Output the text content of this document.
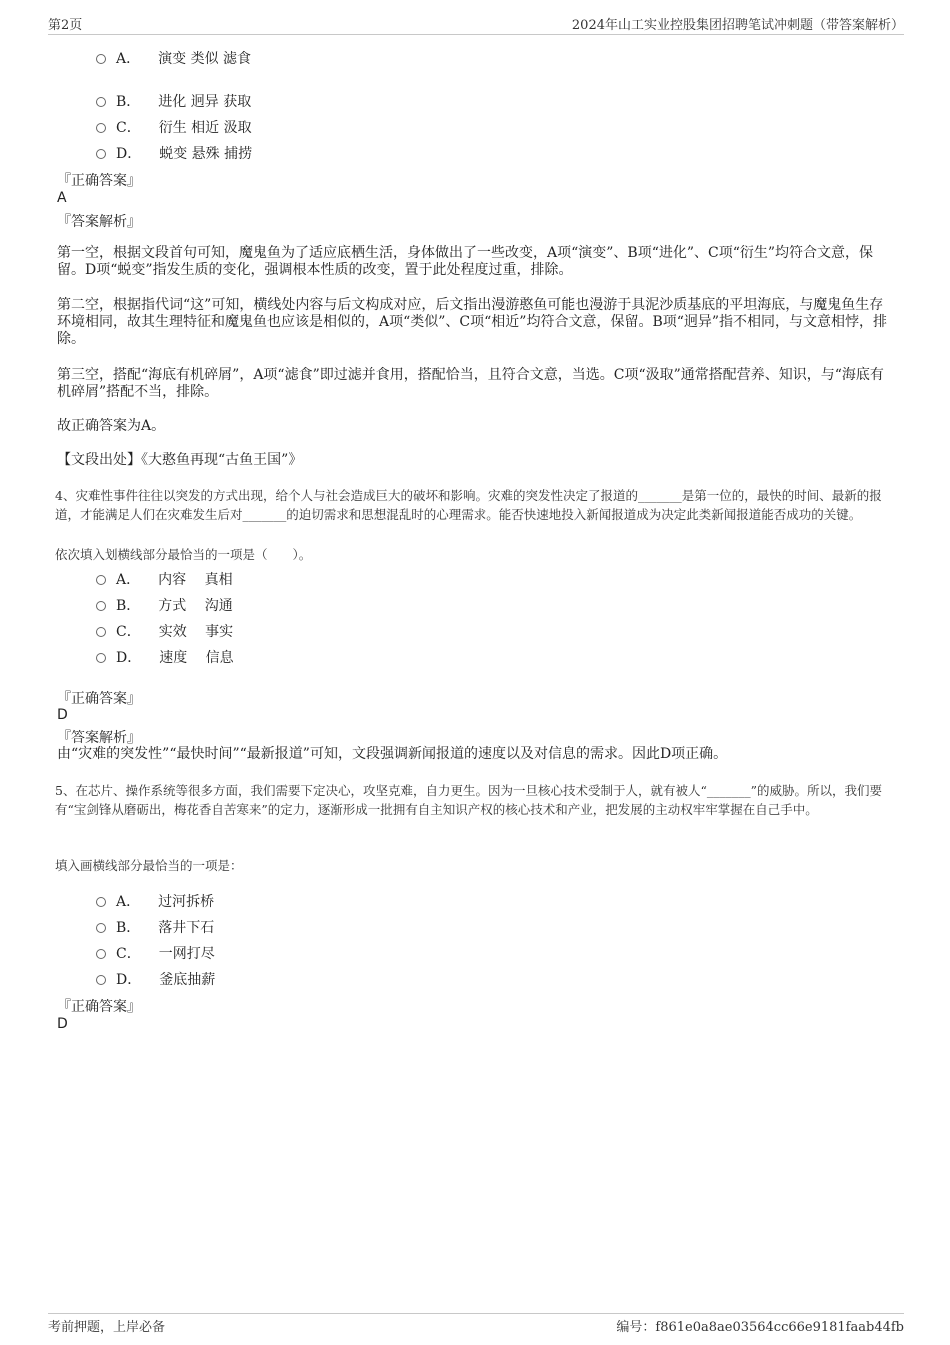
第2页	2024年山工实业控股集团招聘笔试冲刺题（带答案解析）
A． 演变 类似 滤食
B． 进化 迥异 获取
C． 衍生 相近 汲取
D． 蜕变 悬殊 捕捞
『正确答案』
A
『答案解析』

第一空，根据文段首句可知，魔鬼鱼为了适应底栖生活，身体做出了一些改变，A项“演变”、B项“进化”、C项“衍生”均符合文意，保留。D项“蜕变”指发生质的变化，强调根本性质的改变，置于此处程度过重，排除。

第二空，根据指代词“这”可知，横线处内容与后文构成对应，后文指出漫游憨鱼可能也漫游于具泥沙质基底的平坦海底，与魔鬼鱼生存环境相同，故其生理特征和魔鬼鱼也应该是相似的，A项“类似”、C项“相近”均符合文意，保留。B项“迥异”指不相同，与文意相悖，排除。

第三空，搭配“海底有机碎屑”，A项“滤食”即过滤并食用，搭配恰当，且符合文意，当选。C项“汲取”通常搭配营养、知识，与“海底有机碎屑”搭配不当，排除。

故正确答案为A。

【文段出处】《大憨鱼再现“古鱼王国”》

4、灾难性事件往往以突发的方式出现，给个人与社会造成巨大的破坏和影响。灾难的突发性决定了报道的_______是第一位的，最快的时间、最新的报道，才能满足人们在灾难发生后对_______的迫切需求和思想混乱时的心理需求。能否快速地投入新闻报道成为决定此类新闻报道能否成功的关键。

依次填入划横线部分最恰当的一项是（　　）。

A． 内容　 真相
B． 方式　 沟通
C． 实效　 事实
D． 速度　 信息
『正确答案』
D
『答案解析』

由“灾难的突发性”“最快时间”“最新报道”可知，文段强调新闻报道的速度以及对信息的需求。因此D项正确。

5、在芯片、操作系统等很多方面，我们需要下定决心，攻坚克难，自力更生。因为一旦核心技术受制于人，就有被人“_______”的威胁。所以，我们要有“宝剑锋从磨砺出，梅花香自苦寒来”的定力，逐渐形成一批拥有自主知识产权的核心技术和产业，把发展的主动权牢牢掌握在自己手中。

填入画横线部分最恰当的一项是：

A． 过河拆桥
B． 落井下石
C． 一网打尽
D． 釜底抽薪
『正确答案』
D
考前押题，上岸必备	编号：f861e0a8ae03564cc66e9181faab44fb
